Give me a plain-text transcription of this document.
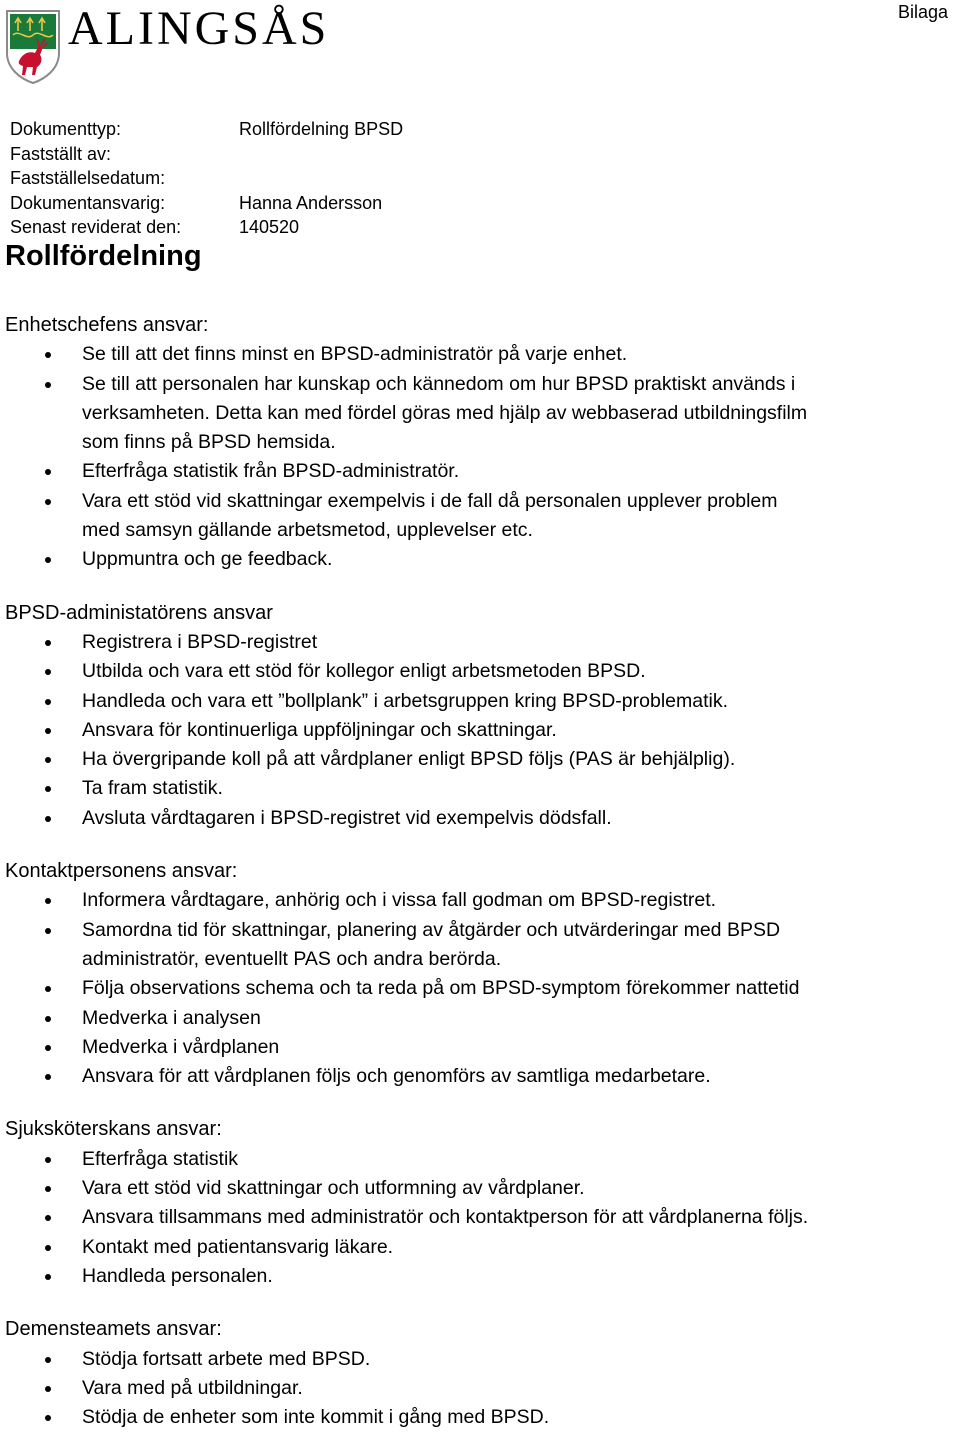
ALINGSÅS	Bilaga
Dokumenttyp:	Rollfördelning BPSD
Fastställt av:
Fastställelsedatum:
Dokumentansvarig:	Hanna Andersson
Senast reviderat den:	140520
Rollfördelning
Enhetschefens ansvar:
Se till att det finns minst en BPSD-administratör på varje enhet.
Se till att personalen har kunskap och kännedom om hur BPSD praktiskt används i
verksamheten. Detta kan med fördel göras med hjälp av webbaserad utbildningsfilm
som finns på BPSD hemsida.
Efterfråga statistik från BPSD-administratör.
Vara ett stöd vid skattningar exempelvis i de fall då personalen upplever problem
med samsyn gällande arbetsmetod, upplevelser etc.
Uppmuntra och ge feedback.
BPSD-administatörens ansvar
Registrera i BPSD-registret
Utbilda och vara ett stöd för kollegor enligt arbetsmetoden BPSD.
Handleda och vara ett ”bollplank” i arbetsgruppen kring BPSD-problematik.
Ansvara för kontinuerliga uppföljningar och skattningar.
Ha övergripande koll på att vårdplaner enligt BPSD följs (PAS är behjälplig).
Ta fram statistik.
Avsluta vårdtagaren i BPSD-registret vid exempelvis dödsfall.
Kontaktpersonens ansvar:
Informera vårdtagare, anhörig och i vissa fall godman om BPSD-registret.
Samordna tid för skattningar, planering av åtgärder och utvärderingar med BPSD
administratör, eventuellt PAS och andra berörda.
Följa observations schema och ta reda på om BPSD-symptom förekommer nattetid
Medverka i analysen
Medverka i vårdplanen
Ansvara för att vårdplanen följs och genomförs av samtliga medarbetare.
Sjuksköterskans ansvar:
Efterfråga statistik
Vara ett stöd vid skattningar och utformning av vårdplaner.
Ansvara tillsammans med administratör och kontaktperson för att vårdplanerna följs.
Kontakt med patientansvarig läkare.
Handleda personalen.
Demensteamets ansvar:
Stödja fortsatt arbete med BPSD.
Vara med på utbildningar.
Stödja de enheter som inte kommit i gång med BPSD.
